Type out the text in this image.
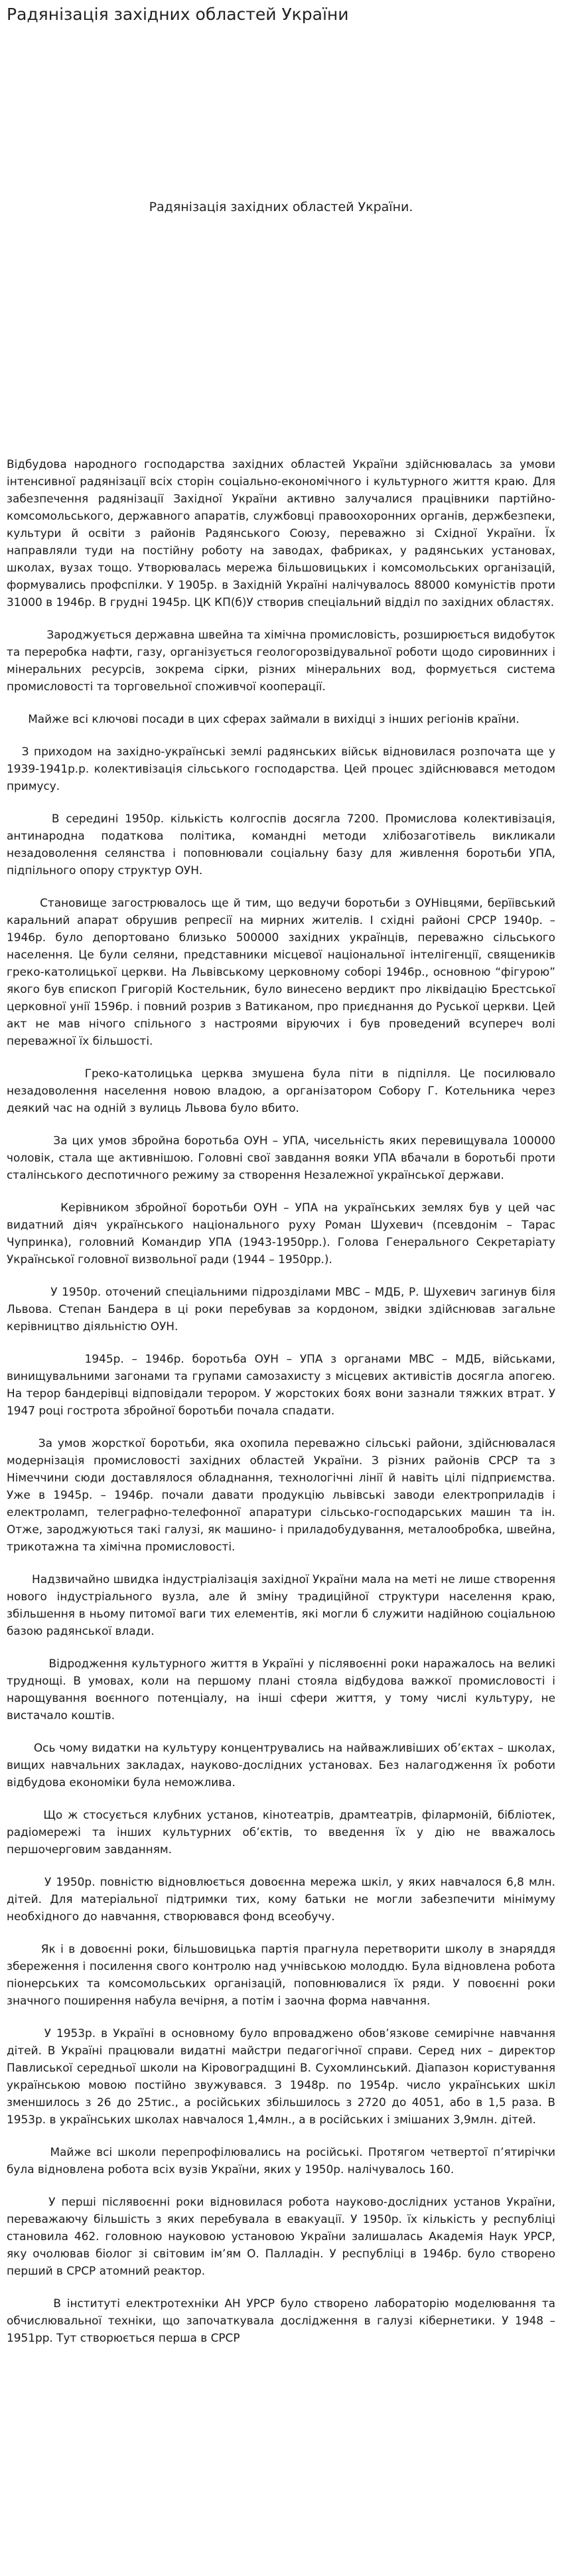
Радянізація західних областей України
Радянізація західних областей України.

Відбудова народного господарства західних областей України здійснювалась за умови інтенсивної радянізації всіх сторін соціально-економічного і культурного життя краю. Для забезпечення радянізації Західної України активно залучалися працівники партійно-комсомольського, державного апаратів, службовці правоохоронних органів, держбезпеки, культури й освіти з районів Радянського Союзу, переважно зі Східної України. Їх направляли туди на постійну роботу на заводах, фабриках, у радянських установах, школах, вузах тощо. Утворювалась мережа більшовицьких і комсомольських організацій, формувались профспілки. У 1905р. в Західній Україні налічувалось 88000 комуністів проти 31000 в 1946р. В грудні 1945р. ЦК КП(б)У створив спеціальний відділ по західних областях.

Зароджується державна швейна та хімічна промисловість, розширюється видобуток та переробка нафти, газу, організується геологорозвідувальної роботи щодо сировинних і мінеральних ресурсів, зокрема сірки, різних мінеральних вод, формується система промисловості та торговельної споживчої кооперації.

Майже всі ключові посади в цих сферах займали в вихідці з інших регіонів країни.

З приходом на західно-українські землі радянських військ відновилася розпочата ще у 1939-1941р.р. колективізація сільського господарства. Цей процес здійснювався методом примусу.

В середині 1950р. кількість колгоспів досягла 7200. Промислова колективізація, антинародна податкова політика, командні методи хлібозаготівель викликали незадоволення селянства і поповнювали соціальну базу для живлення боротьби УПА, підпільного опору структур ОУН.

Становище загострювалось ще й тим, що ведучи боротьби з ОУНівцями, берїівський каральний апарат обрушив репресії на мирних жителів. І східні районі СРСР 1940р. – 1946р. було депортовано близько 500000 західних українців, переважно сільського населення. Це були селяни, представники місцевої національної інтелігенції, священиків греко-католицької церкви. На Львівському церковному соборі 1946р., основною “фігурою” якого був єпископ Григорій Костельник, було винесено вердикт про ліквідацію Брестської церковної унії 1596р. і повний розрив з Ватиканом, про приєднання до Руської церкви. Цей акт не мав нічого спільного з настроями віруючих і був проведений всупереч волі переважної їх більшості.

Греко-католицька церква змушена була піти в підпілля. Це посилювало незадоволення населення новою владою, а організатором Собору Г. Котельника через деякий час на одній з вулиць Львова було вбито.

За цих умов збройна боротьба ОУН – УПА, чисельність яких перевищувала 100000 чоловік, стала ще активнішою. Головні свої завдання вояки УПА вбачали в боротьбі проти сталінського деспотичного режиму за створення Незалежної української держави.

Керівником збройної боротьби ОУН – УПА на українських землях був у цей час видатний діяч українського національного руху Роман Шухевич (псевдонім – Тарас Чупринка), головний Командир УПА (1943-1950рр.). Голова Генерального Секретаріату Української головної визвольної ради (1944 – 1950рр.).

У 1950р. оточений спеціальними підрозділами МВС – МДБ, Р. Шухевич загинув біля Львова. Степан Бандера в ці роки перебував за кордоном, звідки здійснював загальне керівництво діяльністю ОУН.

1945р. – 1946р. боротьба ОУН – УПА з органами МВС – МДБ, військами, винищувальними загонами та групами самозахисту з місцевих активістів досягла апогею. На терор бандерівці відповідали терором. У жорстоких боях вони зазнали тяжких втрат. У 1947 році гострота збройної боротьби почала спадати.

За умов жорсткої боротьби, яка охопила переважно сільські райони, здійснювалася модернізація промисловості західних областей України. З різних районів СРСР та з Німеччини сюди доставлялося обладнання, технологічні лінії й навіть цілі підприємства. Уже в 1945р. – 1946р. почали давати продукцію львівські заводи електроприладів і електроламп, телеграфно-телефонної апаратури сільсько-господарських машин та ін. Отже, зароджуються такі галузі, як машино- і приладобудування, металообробка, швейна, трикотажна та хімічна промисловості.

Надзвичайно швидка індустріалізація західної України мала на меті не лише створення нового індустріального вузла, але й зміну традиційної структури населення краю, збільшення в ньому питомої ваги тих елементів, які могли б служити надійною соціальною базою радянської влади.

Відродження культурного життя в Україні у післявоєнні роки наражалось на великі труднощі. В умовах, коли на першому плані стояла відбудова важкої промисловості і нарощування воєнного потенціалу, на інші сфери життя, у тому числі культуру, не вистачало коштів.

Ось чому видатки на культуру концентрувались на найважливіших об’єктах – школах, вищих навчальних закладах, науково-дослідних установах. Без налагодження їх роботи відбудова економіки була неможлива.

Що ж стосується клубних установ, кінотеатрів, драмтеатрів, філармоній, бібліотек, радіомережі та інших культурних об’єктів, то введення їх у дію не вважалось першочерговим завданням.

У 1950р. повністю відновлюється довоєнна мережа шкіл, у яких навчалося 6,8 млн. дітей. Для матеріальної підтримки тих, кому батьки не могли забезпечити мінімуму необхідного до навчання, створювався фонд всеобучу.

Як і в довоєнні роки, більшовицька партія прагнула перетворити школу в знаряддя збереження і посилення свого контролю над учнівською молоддю. Була відновлена робота піонерських та комсомольських організацій, поповнювалися їх ряди. У повоєнні роки значного поширення набула вечірня, а потім і заочна форма навчання.

У 1953р. в Україні в основному було впроваджено обов’язкове семирічне навчання дітей. В Україні працювали видатні майстри педагогічної справи. Серед них – директор Павлиської середньої школи на Кіровоградщині В. Сухомлинський. Діапазон користування українською мовою постійно звужувався. З 1948р. по 1954р. число українських шкіл зменшилось з 26 до 25тис., а російських збільшилось з 2720 до 4051, або в 1,5 раза. В 1953р. в українських школах навчалося 1,4млн., а в російських і змішаних 3,9млн. дітей.

Майже всі школи перепрофілювались на російські. Протягом четвертої п’ятирічки була відновлена робота всіх вузів України, яких у 1950р. налічувалось 160.

У перші післявоєнні роки відновилася робота науково-дослідних установ України, переважаючу більшість з яких перебувала в евакуації. У 1950р. їх кількість у республіці становила 462. головною науковою установою України залишалась Академія Наук УРСР, яку очолював біолог зі світовим ім’ям О. Палладін. У республіці в 1946р. було створено перший в СРСР атомний реактор.

В інституті електротехніки АН УРСР було створено лабораторію моделювання та обчислювальної техніки, що започаткувала дослідження в галузі кібернетики. У 1948 – 1951рр. Тут створюється перша в СРСР
